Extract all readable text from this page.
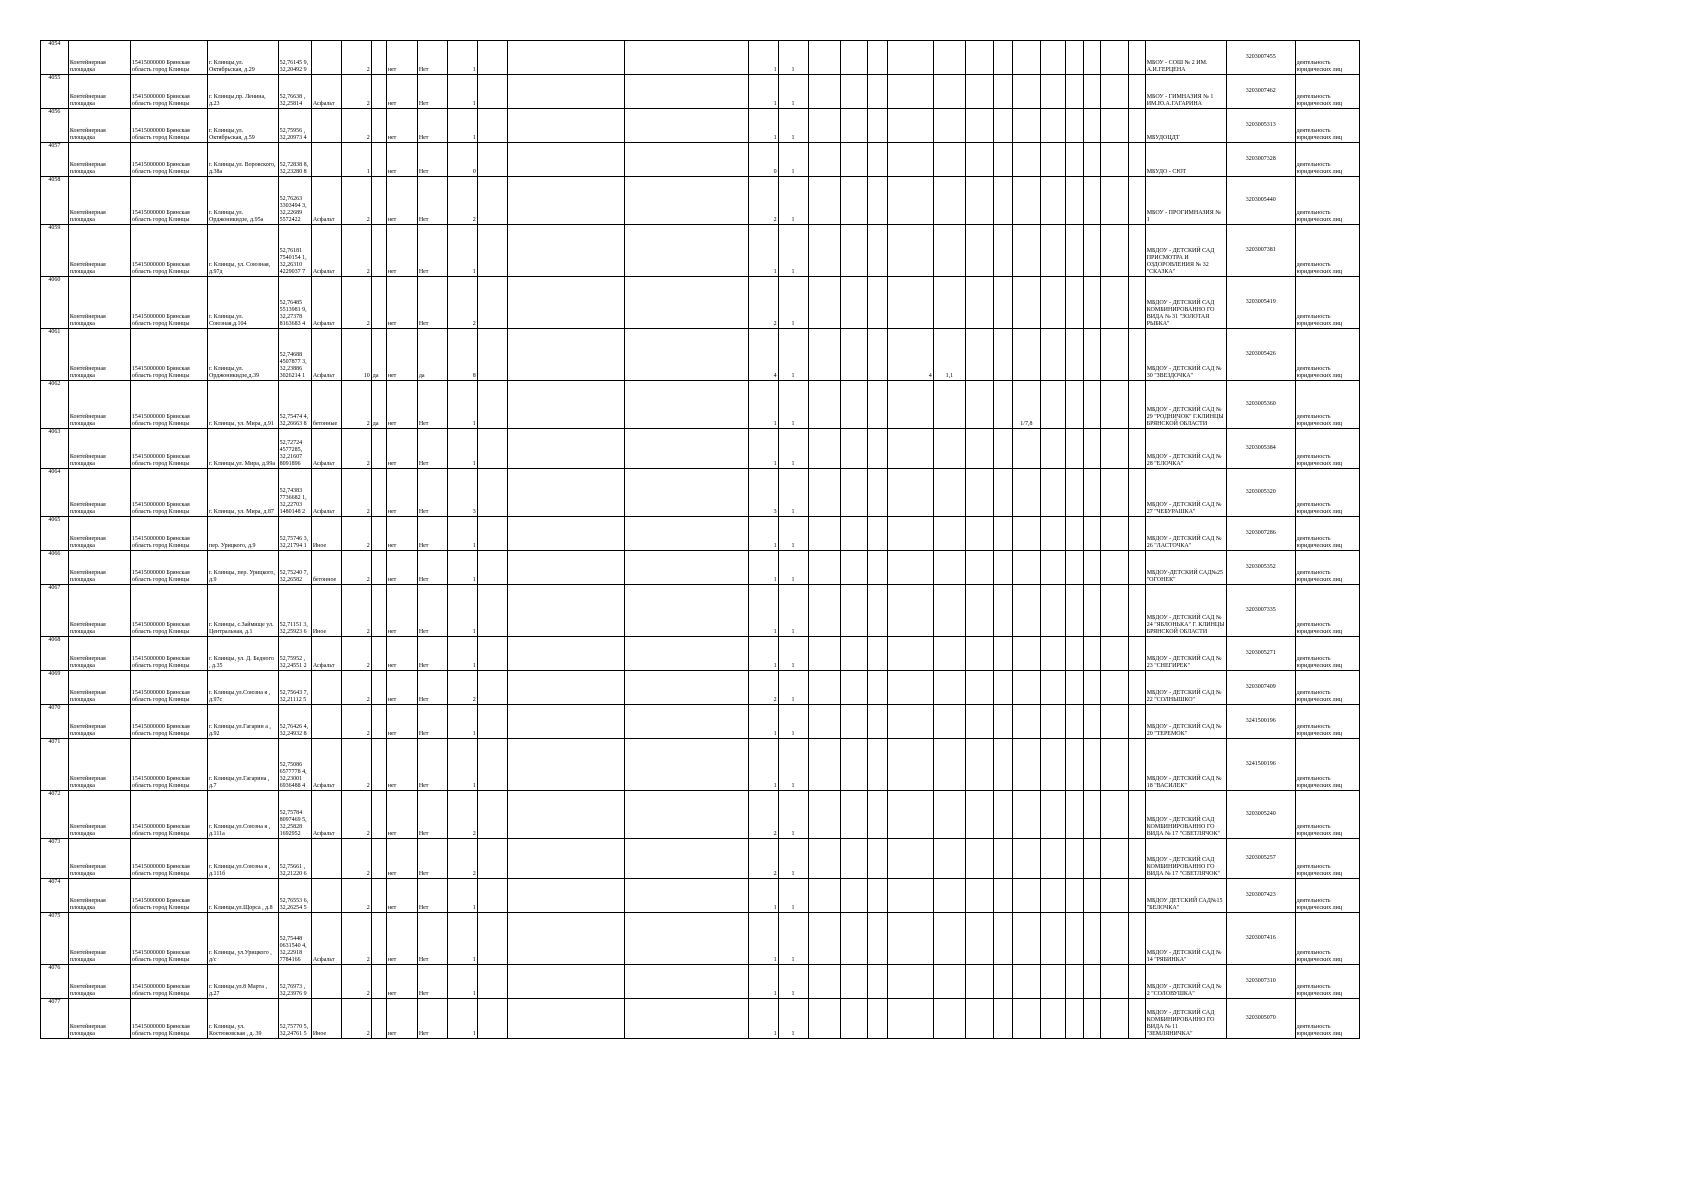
4054	Контейнерная площадка	15415000000 Брянская область город Клинцы	г. Клинцы,ул. Октябрьская, д.29	52,76145 9, 32,20492 9		2		нет	Нет	1				1	1														МБОУ - СОШ № 2 ИМ. А.И.ГЕРЦЕНА	3203007455	деятельность юридических лиц
4055	Контейнерная площадка	15415000000 Брянская область город Клинцы	г. Клинцы,пр. Ленина, д.23	52,76638 , 32,25814	Асфальт	2		нет	Нет	1				1	1														МБОУ - ГИМНАЗИЯ № 1 ИМ.Ю.А.ГАГАРИНА	3203007462	деятельность юридических лиц
4056	Контейнерная площадка	15415000000 Брянская область город Клинцы	г. Клинцы,ул. Октябрьская, д.59	52,75956 , 32,20973 4		2		нет	Нет	1				1	1														МБУДОЦДТ	3203005313	деятельность юридических лиц
4057	Контейнерная площадка	15415000000 Брянская область город Клинцы	г. Клинцы,ул. Воровского, д.38а	52,72838 8, 32,23280 8		1		нет	Нет	0				0	1														МБУДО - СЮТ	3203007328	деятельность юридических лиц
4058	Контейнерная площадка	15415000000 Брянская область город Клинцы	г. Клинцы,ул. Орджоникидзе, д.95а	52,76263 3303494 3, 32,22689 5572422	Асфальт	2		нет	Нет	2				2	1														МБОУ - ПРОГИМНАЗИЯ № 1	3203005440	деятельность юридических лиц
4059	Контейнерная площадка	15415000000 Брянская область город Клинцы	г. Клинцы, ул. Союзная, д.97д	52,76181 7540154 1, 32,26310 4229037 7	Асфальт	2		нет	Нет	1				1	1														МБДОУ - ДЕТСКИЙ САД ПРИСМОТРА И ОЗДОРОВЛЕНИЯ № 32 "СКАЗКА"	3203007381	деятельность юридических лиц
4060	Контейнерная площадка	15415000000 Брянская область город Клинцы	г. Клинцы,ул. Союзная,д.104	52,76485 5513981 9, 32,27378 8163683 4	Асфальт	2		нет	Нет	2				2	1														МБДОУ - ДЕТСКИЙ САД КОМБИНИРОВАННО ГО ВИДА № 31 "ЗОЛОТАЯ РЫБКА"	3203005419	деятельность юридических лиц
4061	Контейнерная площадка	15415000000 Брянская область город Клинцы	г. Клинцы,ул. Орджоникидзе,д.39	52,74688 4507877 3, 32,23886 3026214 1	Асфальт	10	да	нет	да	8				4	1				4	1,1									МБДОУ - ДЕТСКИЙ САД № 30 "ЗВЕЗДОЧКА"	3203005426	деятельность юридических лиц
4062	Контейнерная площадка	15415000000 Брянская область город Клинцы	г. Клинцы, ул. Мира, д.91	52,75474 4, 32,26663 8	бетонные	2	да	нет	Нет	1				1	1								1/7,8						МБДОУ - ДЕТСКИЙ САД № 29 "РОДНИЧОК" Г.КЛИНЦЫ БРЯНСКОЙ ОБЛАСТИ	3203005360	деятельность юридических лиц
4063	Контейнерная площадка	15415000000 Брянская область город Клинцы	г. Клинцы,ул. Мира, д.99а	52,72724 4577285, 32,21607 8091896	Асфальт	2		нет	Нет	1				1	1														МБДОУ - ДЕТСКИЙ САД № 28 "ЕЛОЧКА"	3203005384	деятельность юридических лиц
4064	Контейнерная площадка	15415000000 Брянская область город Клинцы	г. Клинцы, ул. Мира, д.87	52,74383 7736682 1, 32,22703 1480148 2	Асфальт	2		нет	Нет	3				3	1														МБДОУ - ДЕТСКИЙ САД № 27 "ЧЕБУРАШКА"	3203005320	деятельность юридических лиц
4065	Контейнерная площадка	15415000000 Брянская область город Клинцы	пер. Урицкого, д.9	52,75746 3, 32,21794 1	Иное	2		нет	Нет	1				1	1														МБДОУ - ДЕТСКИЙ САД № 26 "ЛАСТОЧКА"	3203007286	деятельность юридических лиц
4066	Контейнерная площадка	15415000000 Брянская область город Клинцы	г. Клинцы, пер. Урицкого, д.9	52,75240 7, 32,26582	бетонное	2		нет	Нет	1				1	1														МБДОУ-ДЕТСКИЙ САД№25 "ОГОНЕК"	3203005352	деятельность юридических лиц
4067	Контейнерная площадка	15415000000 Брянская область город Клинцы	г. Клинцы, с.Займище ул. Центральная, д.1	52,71151 3, 32,25923 6	Иное	2		нет	Нет	1				1	1														МБДОУ - ДЕТСКИЙ САД № 24 "ЯБЛОНЬКА" Г. КЛИНЦЫ БРЯНСКОЙ ОБЛАСТИ	3203007335	деятельность юридических лиц
4068	Контейнерная площадка	15415000000 Брянская область город Клинцы	г. Клинцы, ул. Д. Бедного , д.35	52,75952 , 32,24551 2	Асфальт	2		нет	Нет	1				1	1														МБДОУ - ДЕТСКИЙ САД № 23 "СНЕГИРЕК"	3203005271	деятельность юридических лиц
4069	Контейнерная площадка	15415000000 Брянская область город Клинцы	г. Клинцы,ул.Союзна я , д.97с	52,75643 7, 32,21112 5		2		нет	Нет	2				2	1														МБДОУ - ДЕТСКИЙ САД № 22 "СОЛНЫШКО"	3203007409	деятельность юридических лиц
4070	Контейнерная площадка	15415000000 Брянская область город Клинцы	г. Клинцы,ул.Гагарин а , д.92	52,76426 4, 32,24932 8		2		нет	Нет	1				1	1														МБДОУ - ДЕТСКИЙ САД № 20 "ТЕРЕМОК"	3241500196	деятельность юридических лиц
4071	Контейнерная площадка	15415000000 Брянская область город Клинцы	г. Клинцы,ул.Гагарина , д.7	52,75086 6577778 4, 32,23001 6936488 4	Асфальт	2		нет	Нет	1				1	1														МБДОУ - ДЕТСКИЙ САД № 18 "ВАСИЛЕК"	3241500196	деятельность юридических лиц
4072	Контейнерная площадка	15415000000 Брянская область город Клинцы	г. Клинцы,ул.Союзна я , д.111а	52,75784 8097469 5, 32,25828 1692952	Асфальт	2		нет	Нет	2				2	1														МБДОУ - ДЕТСКИЙ САД КОМБИНИРОВАННО ГО ВИДА № 17 "СВЕТЛЯЧОК"	3203005240	деятельность юридических лиц
4073	Контейнерная площадка	15415000000 Брянская область город Клинцы	г. Клинцы,ул.Союзна я , д.111б	52,75661 , 32,21220 6		2		нет	Нет	2				2	1														МБДОУ - ДЕТСКИЙ САД КОМБИНИРОВАННО ГО ВИДА № 17 "СВЕТЛЯЧОК"	3203005257	деятельность юридических лиц
4074	Контейнерная площадка	15415000000 Брянская область город Клинцы	г. Клинцы,ул.Щорса , д.8	52,76553 6, 32,26254 5		2		нет	Нет	1				1	1														МБДОУ ДЕТСКИЙ САД№15 "БЕЛОЧКА"	3203007423	деятельность юридических лиц
4075	Контейнерная площадка	15415000000 Брянская область город Клинцы	г. Клинцы, ул.Урицкого , д/с	52,75448 0631540 4, 32,22918 7784166	Асфальт	2		нет	Нет	1				1	1														МБДОУ - ДЕТСКИЙ САД № 14 "РЯБИНКА"	3203007416	деятельность юридических лиц
4076	Контейнерная площадка	15415000000 Брянская область город Клинцы	г. Клинцы,ул.8 Марта , д.27	52,76973 , 32,23976 9		2		нет	Нет	1				1	1														МБДОУ - ДЕТСКИЙ САД № 2 "СОЛОВУШКА"	3203007310	деятельность юридических лиц
4077	Контейнерная площадка	15415000000 Брянская область город Клинцы	г. Клинцы, ул. Костюковская , д. 39	52,75770 5, 32,24761 5	Иное	2		нет	Нет	1				1	1														МБДОУ - ДЕТСКИЙ САД КОМБИНИРОВАННО ГО ВИДА № 11 "ЗЕМЛЯНИЧКА"	3203005070	деятельность юридических лиц
